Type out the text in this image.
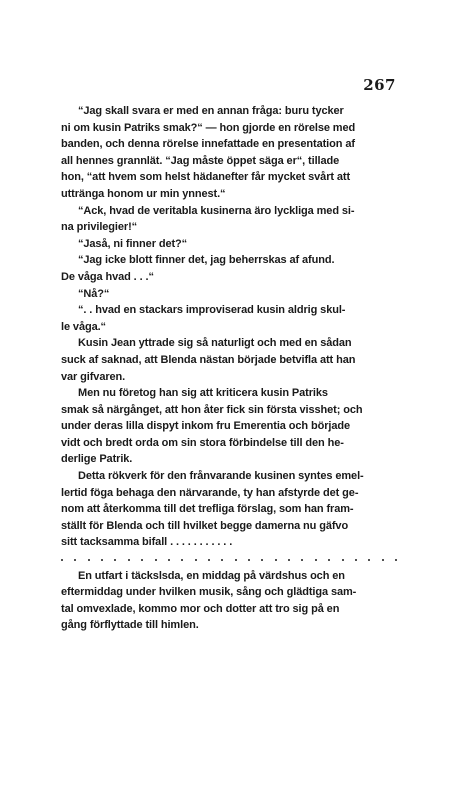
267
“Jag skall svara er med en annan fråga: buru tycker
ni om kusin Patriks smak?“ — hon gjorde en rörelse med
banden, och denna rörelse innefattade en presentation af
all hennes grannlät. “Jag måste öppet säga er“, tillade
hon, “att hvem som helst hädanefter får mycket svårt att
uttränga honom ur min ynnest.“
“Ack, hvad de veritabla kusinerna äro lyckliga med si-
na privilegier!“
“Jaså, ni finner det?“
“Jag icke blott finner det, jag beherrskas af afund.
De våga hvad . . .“
“Nå?“
“. . hvad en stackars improviserad kusin aldrig skul-
le våga.“
Kusin Jean yttrade sig så naturligt och med en sådan
suck af saknad, att Blenda nästan började betvifla att han
var gifvaren.
Men nu företog han sig att kriticera kusin Patriks
smak så närgånget, att hon åter fick sin första visshet; och
under deras lilla dispyt inkom fru Emerentia och började
vidt och bredt orda om sin stora förbindelse till den he-
derlige Patrik.
Detta rökverk för den frånvarande kusinen syntes emel-
lertid föga behaga den närvarande, ty han afstyrde det ge-
nom att återkomma till det trefliga förslag, som han fram-
ställt för Blenda och till hvilket begge damerna nu gäfvo
sitt tacksamma bifall . . . . . . . . . . .
En utfart i täckslsda, en middag på värdshus och en
eftermiddag under hvilken musik, sång och glädtiga sam-
tal omvexlade, kommo mor och dotter att tro sig på en
gång förflyttade till himlen.
